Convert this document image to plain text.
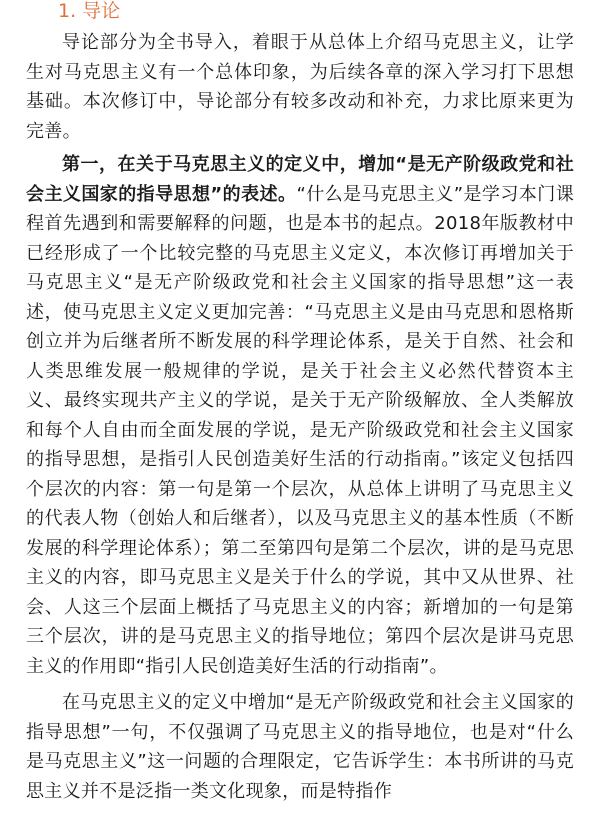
1. 导论

导论部分为全书导入，着眼于从总体上介绍马克思主义，让学生对马克思主义有一个总体印象，为后续各章的深入学习打下思想基础。本次修订中，导论部分有较多改动和补充，力求比原来更为完善。

第一，在关于马克思主义的定义中，增加“是无产阶级政党和社会主义国家的指导思想”的表述。“什么是马克思主义”是学习本门课程首先遇到和需要解释的问题，也是本书的起点。2018年版教材中已经形成了一个比较完整的马克思主义定义，本次修订再增加关于马克思主义“是无产阶级政党和社会主义国家的指导思想”这一表述，使马克思主义定义更加完善：“马克思主义是由马克思和恩格斯创立并为后继者所不断发展的科学理论体系，是关于自然、社会和人类思维发展一般规律的学说，是关于社会主义必然代替资本主义、最终实现共产主义的学说，是关于无产阶级解放、全人类解放和每个人自由而全面发展的学说，是无产阶级政党和社会主义国家的指导思想，是指引人民创造美好生活的行动指南。”该定义包括四个层次的内容：第一句是第一个层次，从总体上讲明了马克思主义的代表人物（创始人和后继者），以及马克思主义的基本性质（不断发展的科学理论体系）；第二至第四句是第二个层次，讲的是马克思主义的内容，即马克思主义是关于什么的学说，其中又从世界、社会、人这三个层面上概括了马克思主义的内容；新增加的一句是第三个层次，讲的是马克思主义的指导地位；第四个层次是讲马克思主义的作用即“指引人民创造美好生活的行动指南”。

在马克思主义的定义中增加“是无产阶级政党和社会主义国家的指导思想”一句，不仅强调了马克思主义的指导地位，也是对“什么是马克思主义”这一问题的合理限定，它告诉学生：本书所讲的马克思主义并不是泛指一类文化现象，而是特指作
